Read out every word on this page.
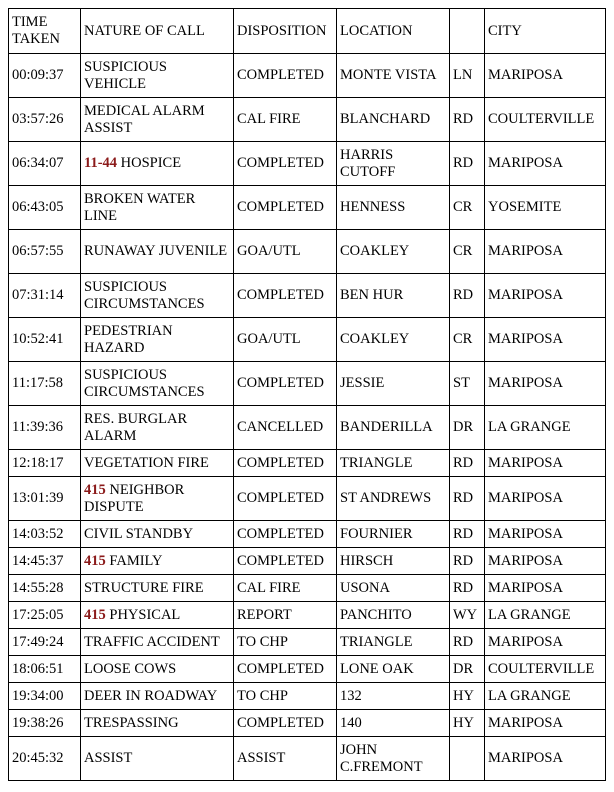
TIME TAKEN	NATURE OF CALL	DISPOSITION	LOCATION		CITY
00:09:37	SUSPICIOUS VEHICLE	COMPLETED	MONTE VISTA	LN	MARIPOSA
03:57:26	MEDICAL ALARM ASSIST	CAL FIRE	BLANCHARD	RD	COULTERVILLE
06:34:07	11-44 HOSPICE	COMPLETED	HARRIS CUTOFF	RD	MARIPOSA
06:43:05	BROKEN WATER LINE	COMPLETED	HENNESS	CR	YOSEMITE
06:57:55	RUNAWAY JUVENILE	GOA/UTL	COAKLEY	CR	MARIPOSA
07:31:14	SUSPICIOUS CIRCUMSTANCES	COMPLETED	BEN HUR	RD	MARIPOSA
10:52:41	PEDESTRIAN HAZARD	GOA/UTL	COAKLEY	CR	MARIPOSA
11:17:58	SUSPICIOUS CIRCUMSTANCES	COMPLETED	JESSIE	ST	MARIPOSA
11:39:36	RES. BURGLAR ALARM	CANCELLED	BANDERILLA	DR	LA GRANGE
12:18:17	VEGETATION FIRE	COMPLETED	TRIANGLE	RD	MARIPOSA
13:01:39	415 NEIGHBOR DISPUTE	COMPLETED	ST ANDREWS	RD	MARIPOSA
14:03:52	CIVIL STANDBY	COMPLETED	FOURNIER	RD	MARIPOSA
14:45:37	415 FAMILY	COMPLETED	HIRSCH	RD	MARIPOSA
14:55:28	STRUCTURE FIRE	CAL FIRE	USONA	RD	MARIPOSA
17:25:05	415 PHYSICAL	REPORT	PANCHITO	WY	LA GRANGE
17:49:24	TRAFFIC ACCIDENT	TO CHP	TRIANGLE	RD	MARIPOSA
18:06:51	LOOSE COWS	COMPLETED	LONE OAK	DR	COULTERVILLE
19:34:00	DEER IN ROADWAY	TO CHP	132	HY	LA GRANGE
19:38:26	TRESPASSING	COMPLETED	140	HY	MARIPOSA
20:45:32	ASSIST	ASSIST	JOHN C.FREMONT		MARIPOSA
